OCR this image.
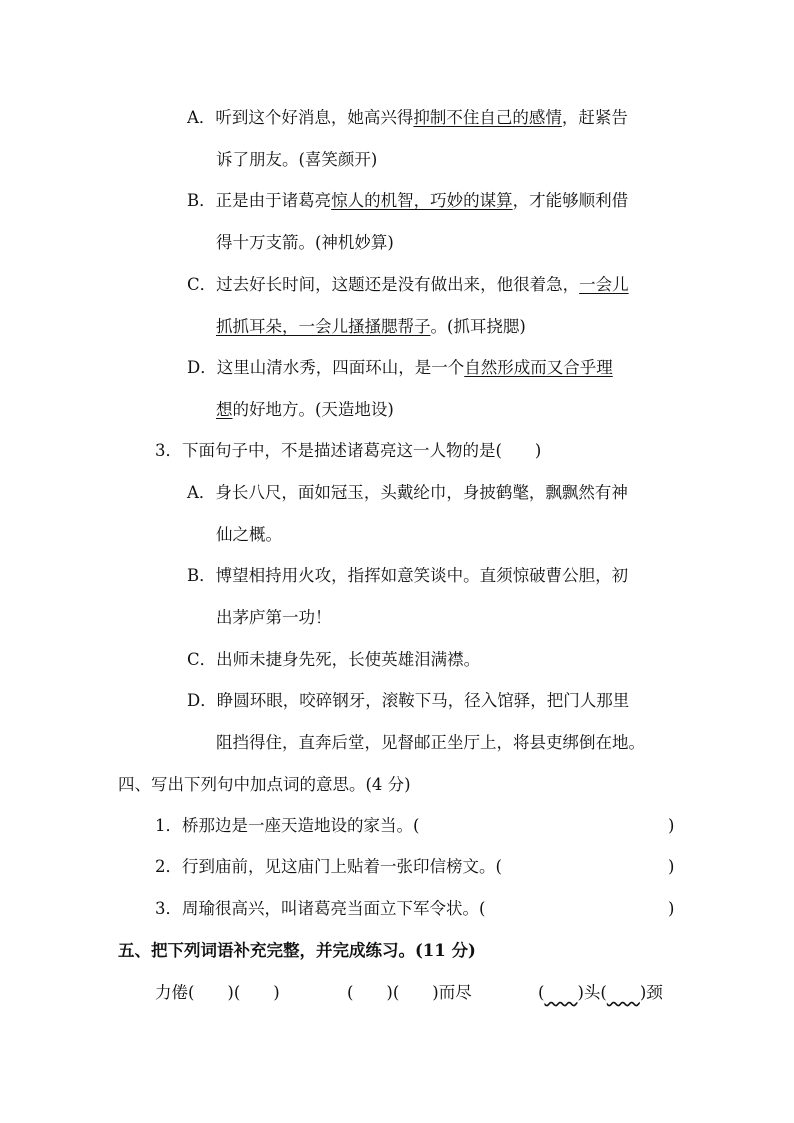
A．听到这个好消息，她高兴得抑制不住自己的感情，赶紧告
诉了朋友。(喜笑颜开)
B．正是由于诸葛亮惊人的机智，巧妙的谋算，才能够顺利借
得十万支箭。(神机妙算)
C．过去好长时间，这题还是没有做出来，他很着急，一会儿
抓抓耳朵，一会儿搔搔腮帮子。(抓耳挠腮)
D．这里山清水秀，四面环山，是一个自然形成而又合乎理
想的好地方。(天造地设)
3．下面句子中，不是描述诸葛亮这一人物的是(　　)
A．身长八尺，面如冠玉，头戴纶巾，身披鹤氅，飘飘然有神
仙之概。
B．博望相持用火攻，指挥如意笑谈中。直须惊破曹公胆，初
出茅庐第一功！
C．出师未捷身先死，长使英雄泪满襟。
D．睁圆环眼，咬碎钢牙，滚鞍下马，径入馆驿，把门人那里
阻挡得住，直奔后堂，见督邮正坐厅上，将县吏绑倒在地。
四、写出下列句中加点词的意思。(4 分)
1．桥那边是一座天造地设的家当。(	)
2．行到庙前，见这庙门上贴着一张印信榜文。(	)
3．周瑜很高兴，叫诸葛亮当面立下军令状。(	)
五、把下列词语补充完整，并完成练习。(11 分)
力倦(　　)(　　)	(　　)(　　)而尽	(　　 )头(　　 )颈
